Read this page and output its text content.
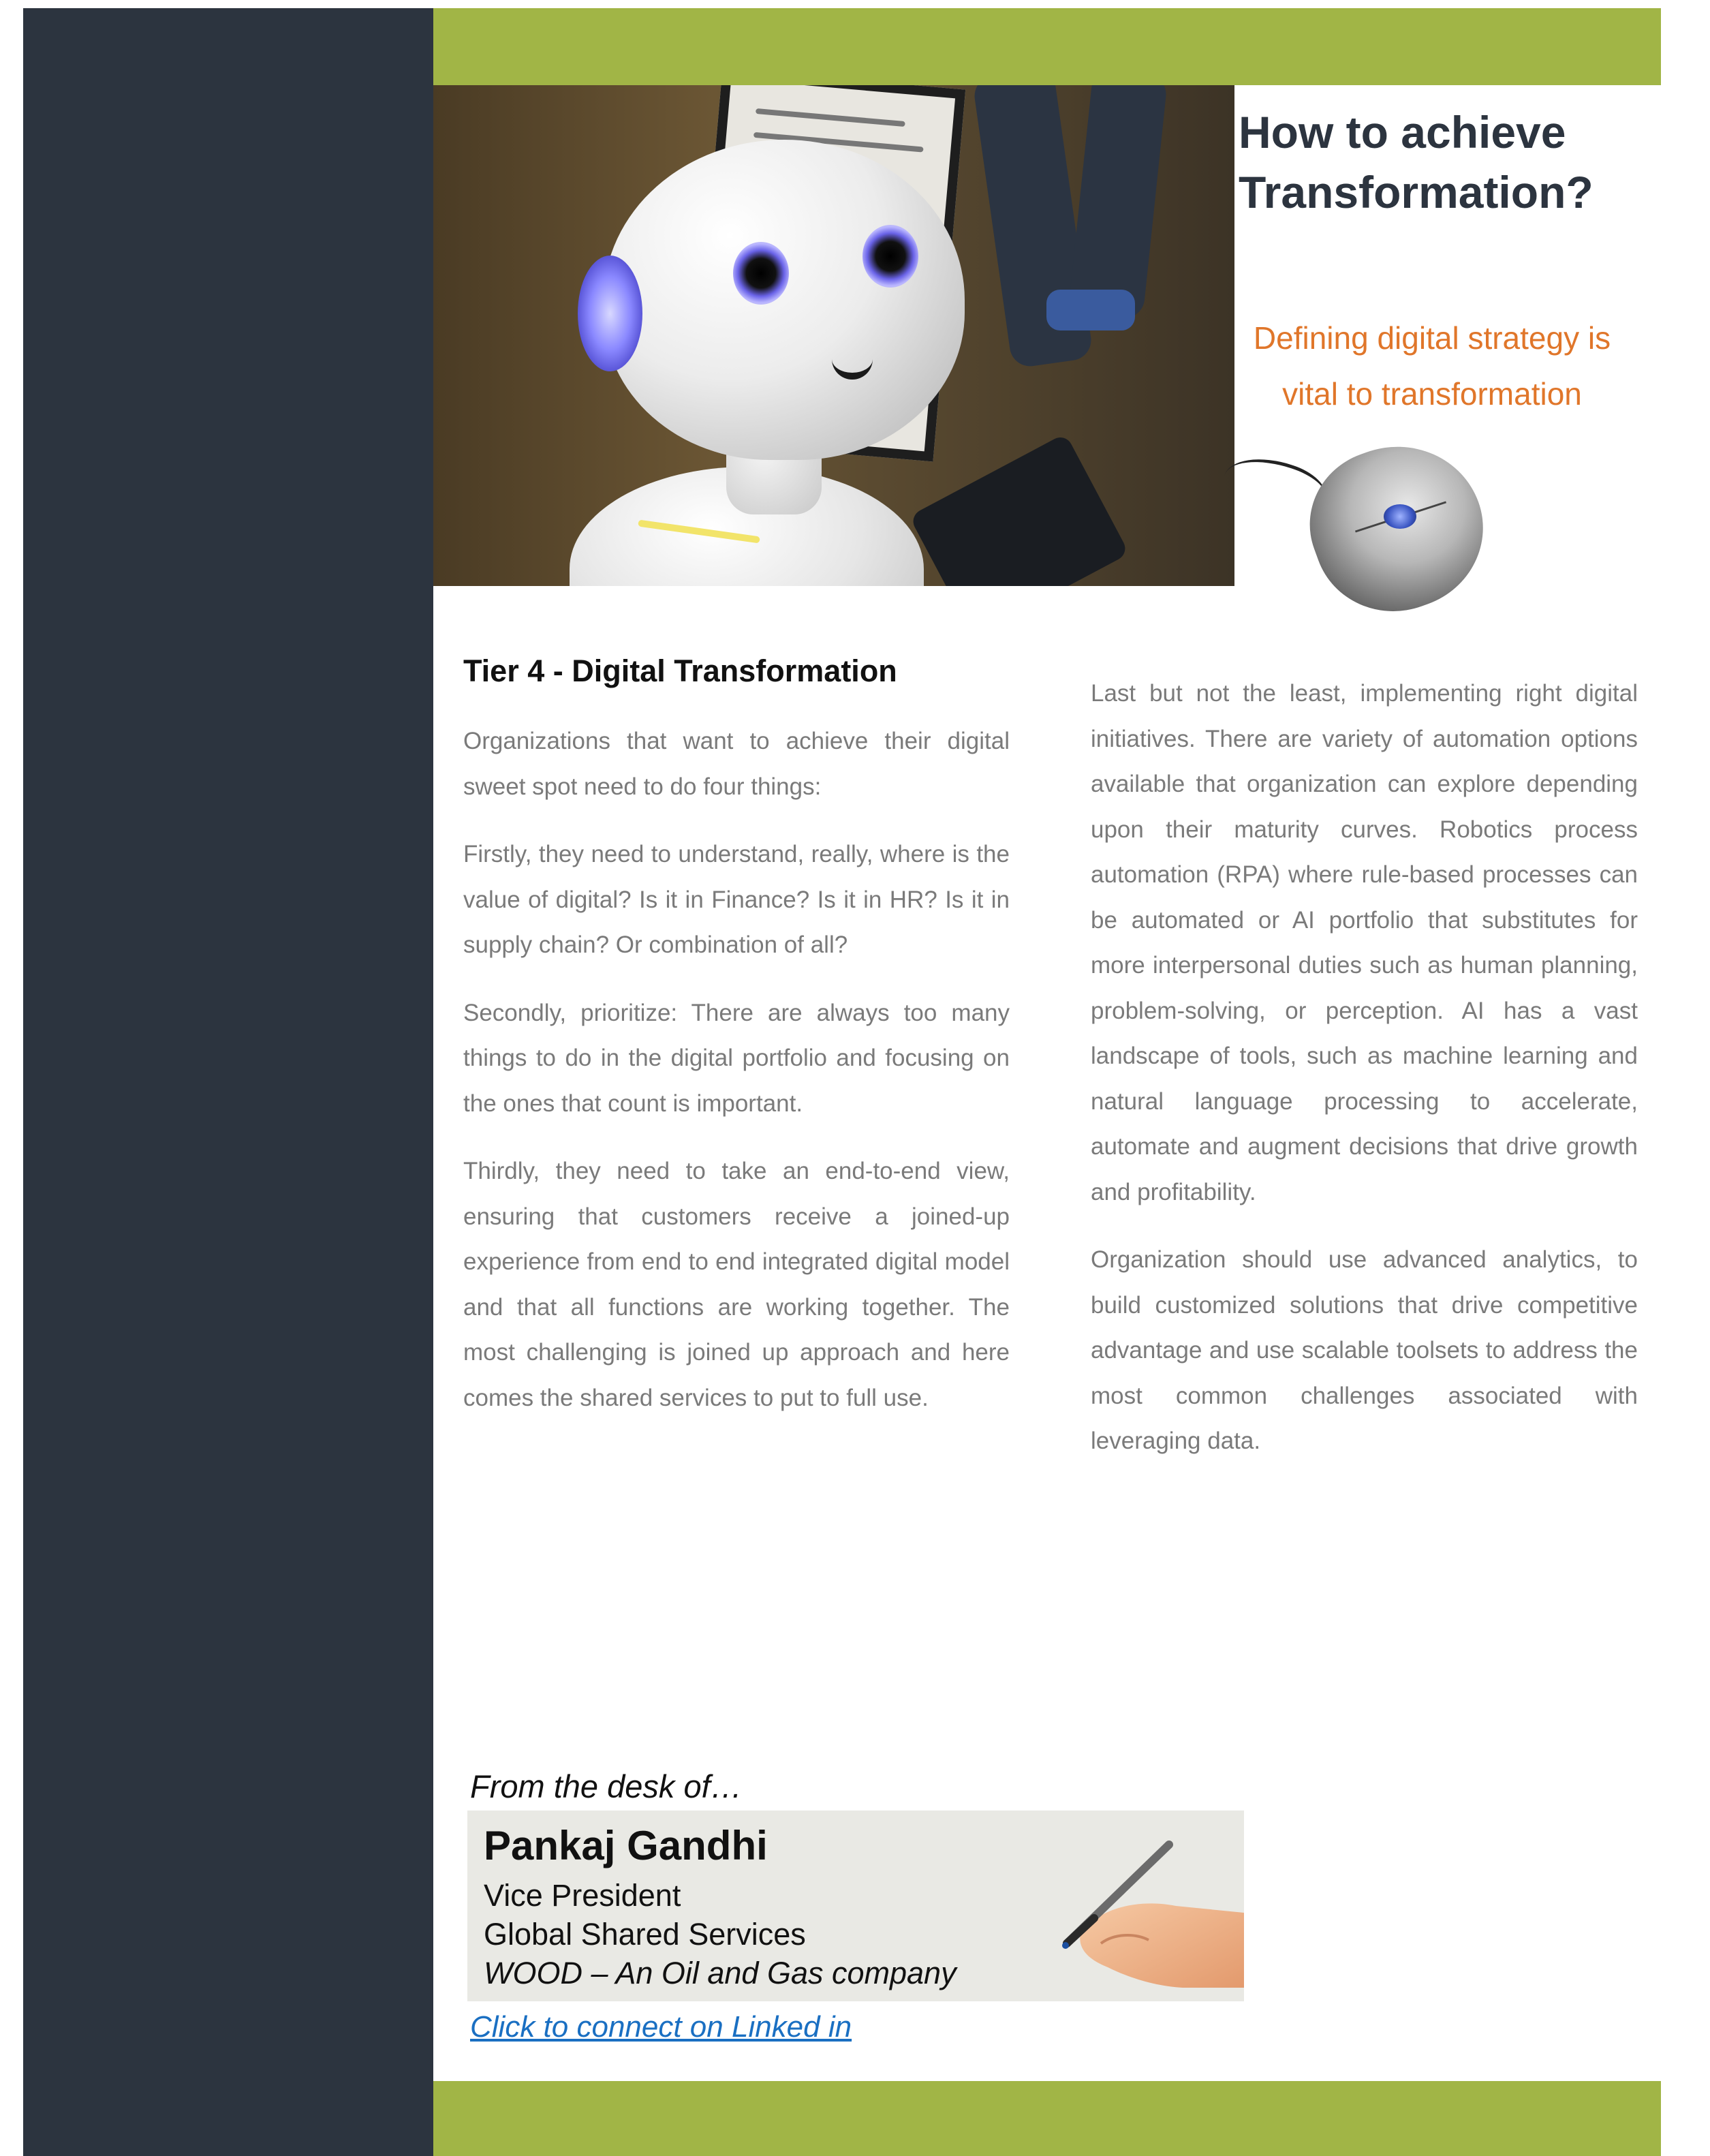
How to achieve Transformation?

Defining digital strategy is vital to transformation

Tier 4 - Digital Transformation

Organizations that want to achieve their digital sweet spot need to do four things:

Firstly, they need to understand, really, where is the value of digital? Is it in Finance? Is it in HR? Is it in supply chain? Or combination of all?

Secondly, prioritize: There are always too many things to do in the digital portfolio and focusing on the ones that count is important.

Thirdly, they need to take an end-to-end view, ensuring that customers receive a joined-up experience from end to end integrated digital model and that all functions are working together. The most challenging is joined up approach and here comes the shared services to put to full use.

Last but not the least, implementing right digital initiatives. There are variety of automation options available that organization can explore depending upon their maturity curves. Robotics process automation (RPA) where rule-based processes can be automated or AI portfolio that substitutes for more interpersonal duties such as human planning, problem-solving, or perception. AI has a vast landscape of tools, such as machine learning and natural language processing to accelerate, automate and augment decisions that drive growth and profitability.

Organization should use advanced analytics, to build customized solutions that drive competitive advantage and use scalable toolsets to address the most common challenges associated with leveraging data.

From the desk of…

Pankaj Gandhi

Vice President

Global Shared Services

WOOD – An Oil and Gas company

Click to connect on Linked in
